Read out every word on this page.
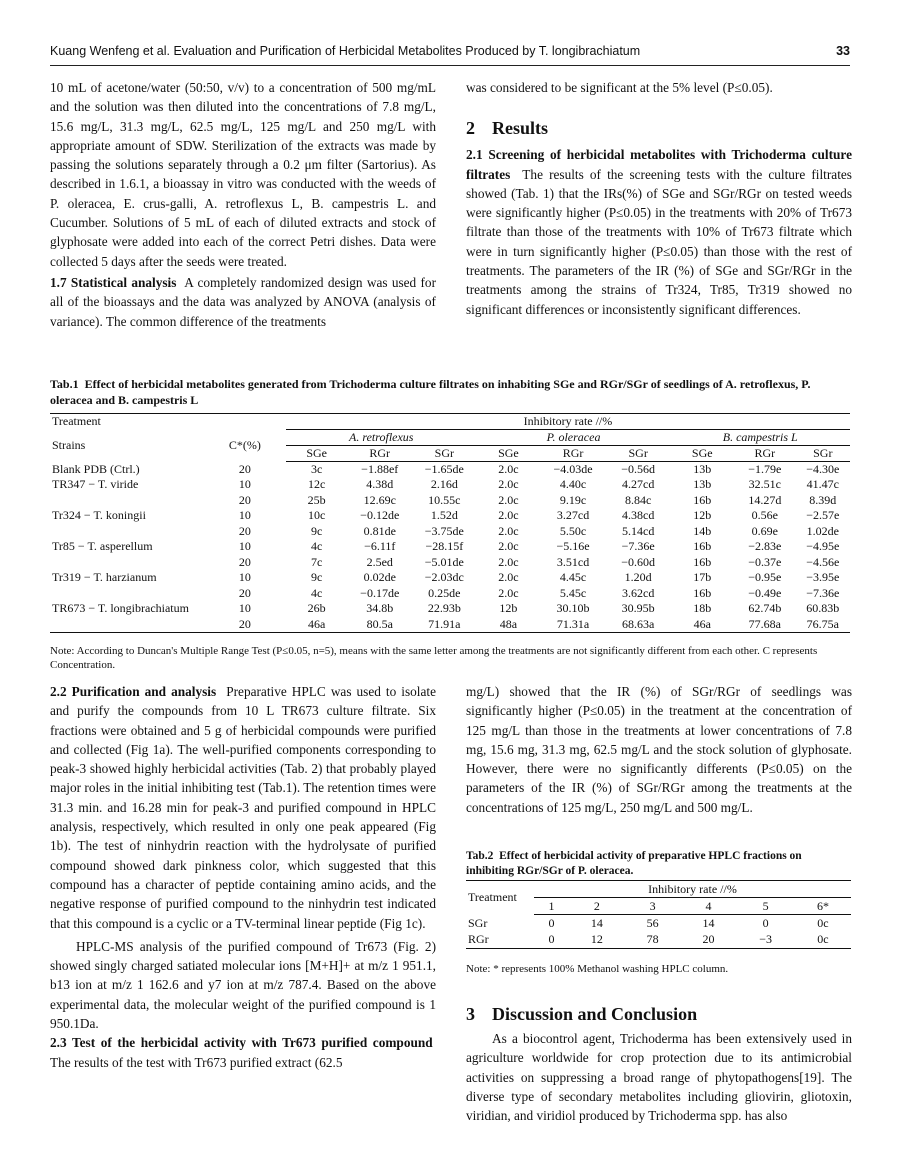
Kuang Wenfeng et al. Evaluation and Purification of Herbicidal Metabolites Produced by T. longibrachiatum	33

10 mL of acetone/water (50:50, v/v) to a concentration of 500 mg/mL and the solution was then diluted into the concentrations of 7.8 mg/L, 15.6 mg/L, 31.3 mg/L, 62.5 mg/L, 125 mg/L and 250 mg/L with appropriate amount of SDW. Sterilization of the extracts was made by passing the solutions separately through a 0.2 μm filter (Sartorius). As described in 1.6.1, a bioassay in vitro was conducted with the weeds of P. oleracea, E. crus-galli, A. retroflexus L, B. campestris L. and Cucumber. Solutions of 5 mL of each of diluted extracts and stock of glyphosate were added into each of the correct Petri dishes. Data were collected 5 days after the seeds were treated.

1.7 Statistical analysis A completely randomized design was used for all of the bioassays and the data was analyzed by ANOVA (analysis of variance). The common difference of the treatments

was considered to be significant at the 5% level (P≤0.05).

2 Results

2.1 Screening of herbicidal metabolites with Trichoderma culture filtrates The results of the screening tests with the culture filtrates showed (Tab. 1) that the IRs(%) of SGe and SGr/RGr on tested weeds were significantly higher (P≤0.05) in the treatments with 20% of Tr673 filtrate than those of the treatments with 10% of Tr673 filtrate which were in turn significantly higher (P≤0.05) than those with the rest of treatments. The parameters of the IR (%) of SGe and SGr/RGr in the treatments among the strains of Tr324, Tr85, Tr319 showed no significant differences or inconsistently significant differences.

Tab.1 Effect of herbicidal metabolites generated from Trichoderma culture filtrates on inhabiting SGe and RGr/SGr of seedlings of A. retroflexus, P. oleracea and B. campestris L
Treatment		Inhibitory rate //%								
Strains	C*(%)	A. retroflexus			P. oleracea			B. campestris L		
		SGe	RGr	SGr	SGe	RGr	SGr	SGe	RGr	SGr
Blank PDB (Ctrl.)	20	3c	−1.88ef	−1.65de	2.0c	−4.03de	−0.56d	13b	−1.79e	−4.30e
TR347 − T. viride	10	12c	4.38d	2.16d	2.0c	4.40c	4.27cd	13b	32.51c	41.47c
	20	25b	12.69c	10.55c	2.0c	9.19c	8.84c	16b	14.27d	8.39d
Tr324 − T. koningii	10	10c	−0.12de	1.52d	2.0c	3.27cd	4.38cd	12b	0.56e	−2.57e
	20	9c	0.81de	−3.75de	2.0c	5.50c	5.14cd	14b	0.69e	1.02de
Tr85 − T. asperellum	10	4c	−6.11f	−28.15f	2.0c	−5.16e	−7.36e	16b	−2.83e	−4.95e
	20	7c	2.5ed	−5.01de	2.0c	3.51cd	−0.60d	16b	−0.37e	−4.56e
Tr319 − T. harzianum	10	9c	0.02de	−2.03dc	2.0c	4.45c	1.20d	17b	−0.95e	−3.95e
	20	4c	−0.17de	0.25de	2.0c	5.45c	3.62cd	16b	−0.49e	−7.36e
TR673 − T. longibrachiatum	10	26b	34.8b	22.93b	12b	30.10b	30.95b	18b	62.74b	60.83b
	20	46a	80.5a	71.91a	48a	71.31a	68.63a	46a	77.68a	76.75a
Note: According to Duncan's Multiple Range Test (P≤0.05, n=5), means with the same letter among the treatments are not significantly different from each other. C represents Concentration.

2.2 Purification and analysis Preparative HPLC was used to isolate and purify the compounds from 10 L TR673 culture filtrate. Six fractions were obtained and 5 g of herbicidal compounds were purified and collected (Fig 1a). The well-purified components corresponding to peak-3 showed highly herbicidal activities (Tab. 2) that probably played major roles in the initial inhibiting test (Tab.1). The retention times were 31.3 min. and 16.28 min for peak-3 and purified compound in HPLC analysis, respectively, which resulted in only one peak appeared (Fig 1b). The test of ninhydrin reaction with the hydrolysate of purified compound showed dark pinkness color, which suggested that this compound has a character of peptide containing amino acids, and the negative response of purified compound to the ninhydrin test indicated that this compound is a cyclic or a TV-terminal linear peptide (Fig 1c).

HPLC-MS analysis of the purified compound of Tr673 (Fig. 2) showed singly charged satiated molecular ions [M+H]+ at m/z 1 951.1, b13 ion at m/z 1 162.6 and y7 ion at m/z 787.4. Based on the above experimental data, the molecular weight of the purified compound is 1 950.1Da.

2.3 Test of the herbicidal activity with Tr673 purified compound  The results of the test with Tr673 purified extract (62.5

mg/L) showed that the IR (%) of SGr/RGr of seedlings was significantly higher (P≤0.05) in the treatment at the concentration of 125 mg/L than those in the treatments at lower concentrations of 7.8 mg, 15.6 mg, 31.3 mg, 62.5 mg/L and the stock solution of glyphosate. However, there were no significantly differents (P≤0.05) on the parameters of the IR (%) of SGr/RGr among the treatments at the concentrations of 125 mg/L, 250 mg/L and 500 mg/L.

Tab.2 Effect of herbicidal activity of preparative HPLC fractions on inhibiting RGr/SGr of P. oleracea.
Treatment	Inhibitory rate //%					
	1	2	3	4	5	6*
SGr	0	14	56	14	0	0c
RGr	0	12	78	20	−3	0c
Note: * represents 100% Methanol washing HPLC column.
3 Discussion and Conclusion

As a biocontrol agent, Trichoderma has been extensively used in agriculture worldwide for crop protection due to its antimicrobial activities on suppressing a broad range of phytopathogens[19]. The diverse type of secondary metabolites including gliovirin, gliotoxin, viridian, and viridiol produced by Trichoderma spp. has also
